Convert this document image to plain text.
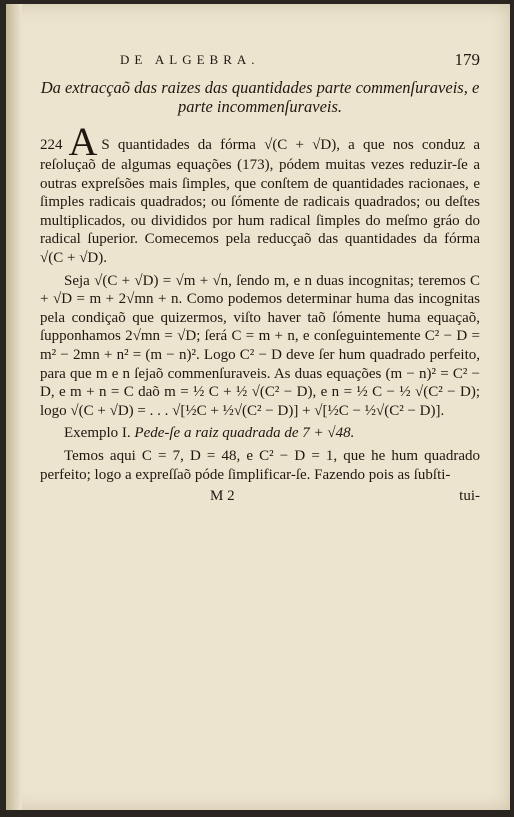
DE ALGEBRA.	179

Da extracçaõ das raizes das quantidades parte commenſuraveis, e parte incommenſuraveis.

224 A S quantidades da fórma √(C + √D), a que nos conduz a reſoluçaõ de algumas equações (173), pódem muitas vezes reduzir-ſe a outras expreſsões mais ſimples, que conſtem de quantidades racionaes, e ſimples radicais quadrados; ou ſómente de radicais quadrados; ou deſtes multiplicados, ou divididos por hum radical ſimples do meſmo gráo do radical ſuperior. Comecemos pela reducçaõ das quantidades da fórma √(C + √D).

Seja √(C + √D) = √m + √n, ſendo m, e n duas incognitas; teremos C + √D = m + 2√mn + n. Como podemos determinar huma das incognitas pela condiçaõ que quizermos, viſto haver taõ ſómente huma equaçaõ, ſupponhamos 2√mn = √D; ſerá C = m + n, e conſeguintemente C² − D = m² − 2mn + n² = (m − n)². Logo C² − D deve ſer hum quadrado perfeito, para que m e n ſejaõ commenſuraveis. As duas equações (m − n)² = C² − D, e m + n = C daõ m = ½ C + ½ √(C² − D), e n = ½ C − ½ √(C² − D); logo √(C + √D) = . . . √[½C + ½√(C² − D)] + √[½C − ½√(C² − D)].

Exemplo I. Pede-ſe a raiz quadrada de 7 + √48.

Temos aqui C = 7, D = 48, e C² − D = 1, que he hum quadrado perfeito; logo a expreſſaõ póde ſimplificar-ſe. Fazendo pois as ſubſti-

M 2	tui-
